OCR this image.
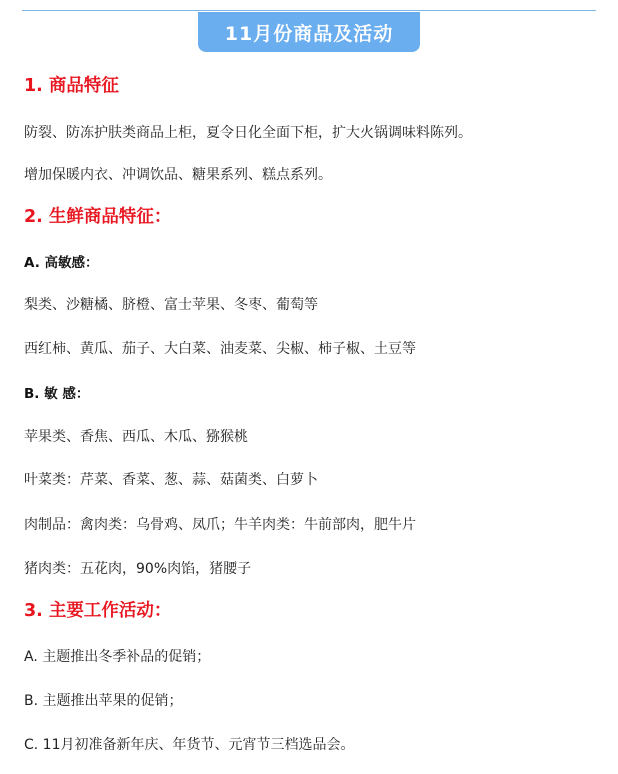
11月份商品及活动
1. 商品特征
防裂、防冻护肤类商品上柜，夏令日化全面下柜，扩大火锅调味料陈列。
增加保暖内衣、冲调饮品、糖果系列、糕点系列。
2. 生鲜商品特征：
A. 高敏感：
梨类、沙糖橘、脐橙、富士苹果、冬枣、葡萄等
西红柿、黄瓜、茄子、大白菜、油麦菜、尖椒、柿子椒、土豆等
B. 敏 感：
苹果类、香焦、西瓜、木瓜、猕猴桃
叶菜类：芹菜、香菜、葱、蒜、菇菌类、白萝卜
肉制品：禽肉类：乌骨鸡、凤爪；牛羊肉类：牛前部肉，肥牛片
猪肉类：五花肉，90%肉馅，猪腰子
3. 主要工作活动：
A. 主题推出冬季补品的促销；
B. 主题推出苹果的促销；
C. 11月初准备新年庆、年货节、元宵节三档选品会。
